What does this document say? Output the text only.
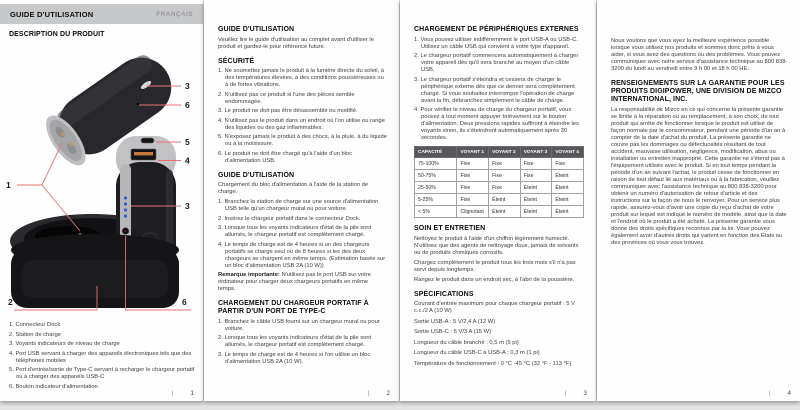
GUIDE D'UTILISATION	FRANÇAIS
DESCRIPTION DU PRODUIT
3
6
5
4
1
3
2	6

1. Connecteur Dock

2. Station de charge

3. Voyants indicateurs de niveau de charge

4. Port USB servant à charger des appareils électroniques tels que des téléphones mobiles

5. Port d'entrée/sortie de Type-C servant à recharger le chargeur portatif ou à charger des appareils USB-C

6. Bouton indicateur d'alimentation

|	1
GUIDE D'UTILISATION

Veuillez lire le guide d'utilisation au complet avant d'utiliser le produit et gardez-le pour référence future.

SÉCURITÉ

1. Ne soumettez jamais le produit à la lumière directe du soleil, à des températures élevées, à des conditions poussiéreuses ou à de fortes vibrations.

2. N'utilisez pas ce produit si l'une des pièces semble endommagée.

3. Le produit ne doit pas être désassemblé ou modifié.

4. N'utilisez pas le produit dans un endroit où l'on utilise ou range des liquides ou des gaz inflammables.

5. N'exposez jamais le produit à des chocs, à la pluie, à du liquide ou à la moisissure.

6. Le produit ne doit être chargé qu'à l'aide d'un bloc d'alimentation USB.

GUIDE D'UTILISATION

Chargement du bloc d'alimentation à l'aide de la station de charge.

1. Branchez la station de charge sur une source d'alimentation USB telle qu'un chargeur mural ou pour voiture.

2. Insérez le chargeur portatif dans le connecteur Dock.

3. Lorsque tous les voyants indicateurs d'état de la pile sont allumés, le chargeur portatif est complètement chargé.

4. Le temps de charge est de 4 heures si un des chargeurs portatifs se charge seul ou de 8 heures si les des deux chargeurs se chargent en même temps. (Estimation basée sur un bloc d'alimentation USB 2A (10 W))

Remarque importante: N'utilisez pas le port USB sur votre ordinateur pour charger deux chargeurs portatifs en même temps.

CHARGEMENT DU CHARGEUR PORTATIF À PARTIR D'UN PORT DE TYPE-C

1. Branchez le câble USB fourni sur un chargeur mural ou pour voiture.

2. Lorsque tous les voyants indicateurs d'état de la pile sont allumés, le chargeur portatif est complètement chargé.

3. Le temps de charge est de 4 heures si l'on utilise un bloc d'alimentation USB 2A (10 W).

|	2
CHARGEMENT DE PÉRIPHÉRIQUES EXTERNES

1. Vous pouvez utiliser indifféremment le port USB-A ou USB-C. Utilisez un câble USB qui convient à votre type d'appareil.

2. Le chargeur portatif commencera automatiquement à charger votre appareil dès qu'il sera branché au moyen d'un câble USB.

3. Le chargeur portatif s'éteindra et cessera de charger le périphérique externe dès que ce dernier sera complètement chargé. Si vous souhaitez interrompre l'opération de charge avant la fin, débranchez simplement le câble de charge.

4. Pour vérifier le niveau de charge du chargeur portatif, vous pouvez à tout moment appuyer brièvement sur le bouton d'alimentation. Deux pressions rapides suffiront à éteindre les voyants sinon, ils s'éteindront automatiquement après 30 secondes.

CAPACITÉ	VOYANT 1	VOYANT 2	VOYANT 3	VOYANT 4
75-100%	Fixe	Fixe	Fixe	Fixe
50-75%	Fixe	Fixe	Fixe	Éteint
25-50%	Fixe	Fixe	Éteint	Éteint
5-25%	Fixe	Éteint	Éteint	Éteint
< 5%	Clignotant	Éteint	Éteint	Éteint
SOIN ET ENTRETIEN

Nettoyez le produit à l'aide d'un chiffon légèrement humecté. N'utilisez que des agents de nettoyage doux, jamais de solvants ou de produits chimiques corrosifs.

Chargez complètement le produit tous les trois mois s'il n'a pas servi depuis longtemps.

Rangez le produit dans un endroit sec, à l'abri de la poussière.

SPÉCIFICATIONS

Courant d'entrée maximum pour chaque chargeur portatif : 5 V c.c./2 A (10 W)

Sortie USB-A : 5 V/2,4 A (12 W)

Sortie USB-C : 5 V/3 A (15 W)

Longueur du câble branché : 0,5 m (5 pi)

Longueur du câble USB-C à USB-A : 0,3 m (1 pi)

Température de fonctionnement : 0 °C -45 °C (32 °F - 113 °F)

|	3

Nous voulons que vous ayez la meilleure expérience possible lorsque vous utilisez nos produits et sommes donc prêts à vous aider, si vous avez des questions ou des problèmes. Vous pouvez communiquer avec notre service d'assistance technique au 800 838-3200 du lundi au vendredi entre 9 h 00 et 18 h 00 HE.

RENSEIGNEMENTS SUR LA GARANTIE POUR LES PRODUITS DIGIPOWER, UNE DIVISION DE MIZCO INTERNATIONAL, INC.

La responsabilité de Mizco en ce qui concerne la présente garantie se limite à la réparation ou au remplacement, à son choix, de tout produit qui arrête de fonctionner lorsque le produit est utilisé de façon normale par le consommateur, pendant une période d'un an à compter de la date d'achat du produit. La présente garantie ne couvre pas les dommages ou défectuosités résultant de tout accident, mauvaise utilisation, négligence, modification, abus ou installation ou entretien inapproprié. Cette garantie ne s'étend pas à l'équipement utilisés avec le produit. Si en tout temps pendant la période d'un an suivant l'achat, le produit cesse de fonctionner en raison de tout défaut lié aux matériaux ou à la fabrication, veuillez communiquer avec l'assistance technique au 800 838-3200 pour obtenir un numéro d'autorisation de retour d'article et des instructions sur la façon de nous le renvoyer. Pour un service plus rapide, assurez-vous d'avoir une copie du reçu d'achat de votre produit sur lequel est indiqué le numéro de modèle, ainsi que la date et l'endroit où le produit a été acheté. La présente garantie vous donne des droits spécifiques reconnus par la loi. Vous pouvez également avoir d'autres droits qui varient en fonction des États ou des provinces où vous vous trouvez.

|	4
